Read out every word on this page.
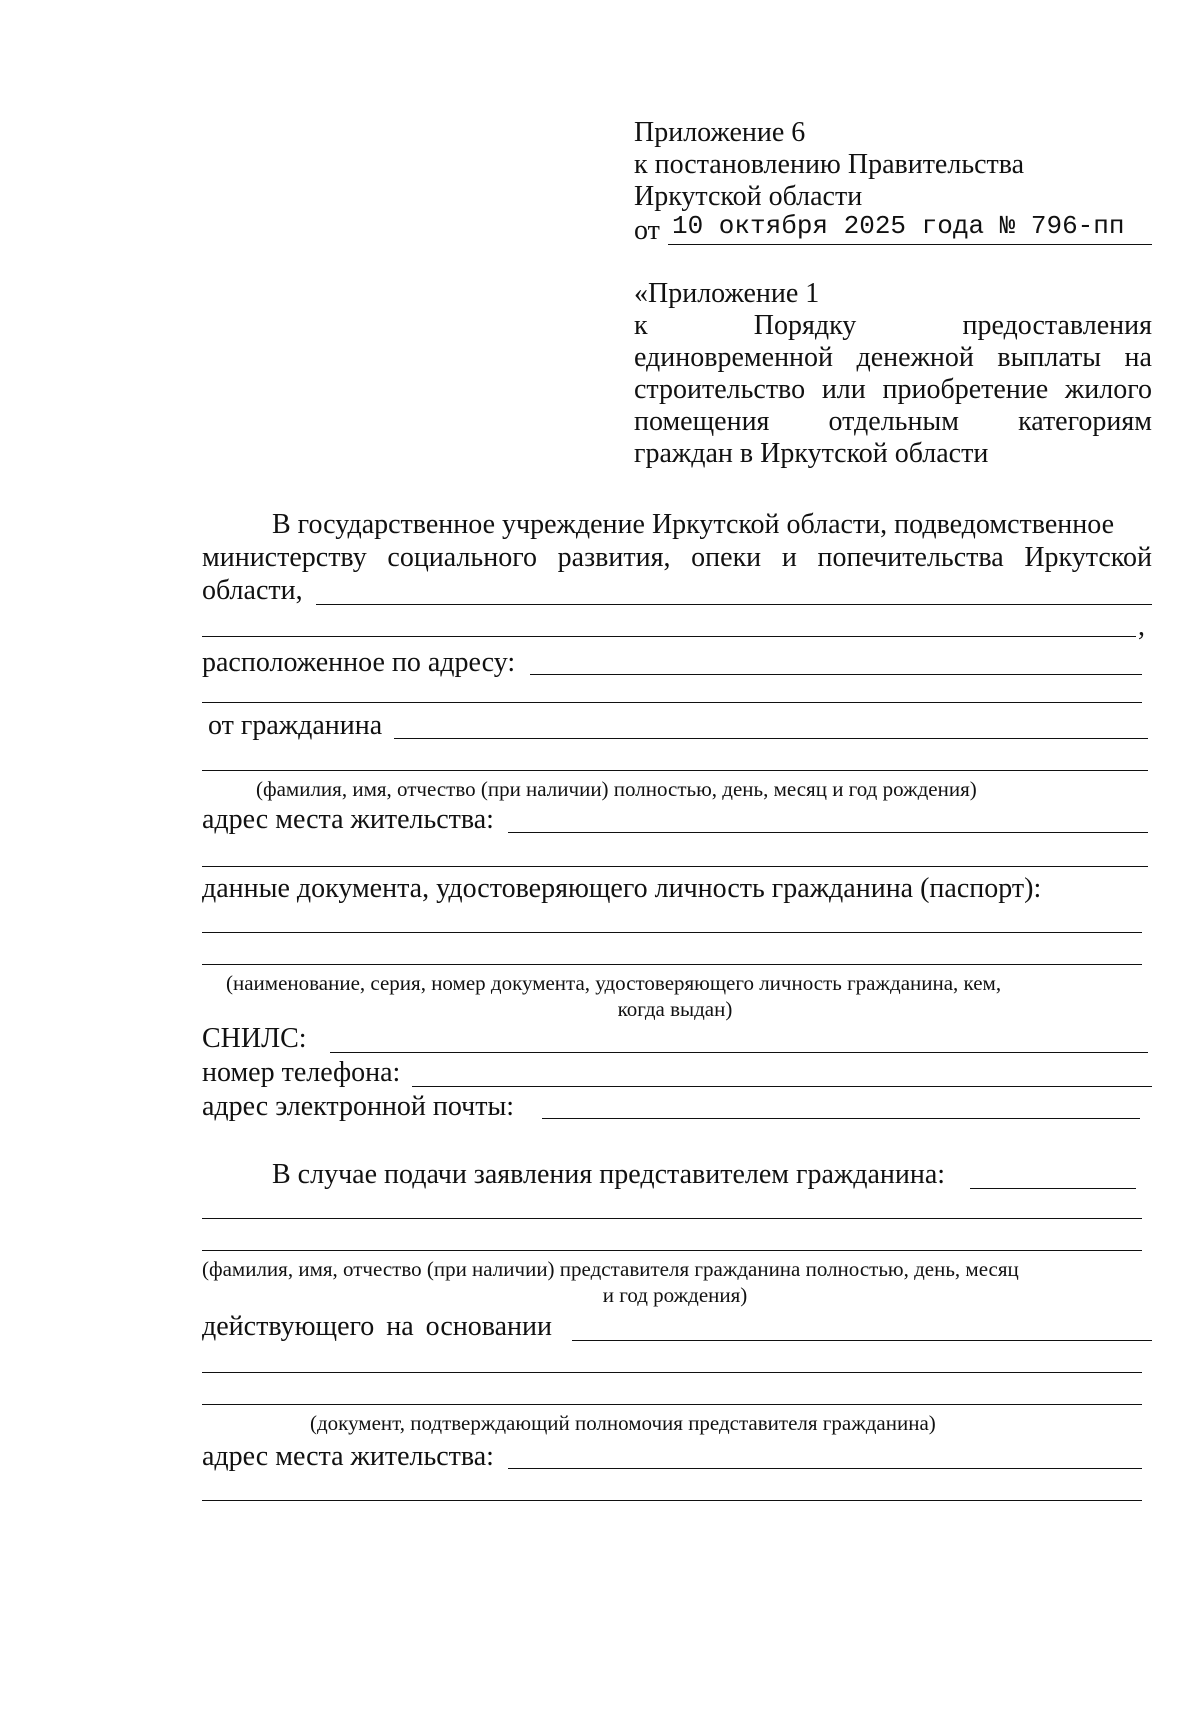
Приложение 6
к постановлению Правительства
Иркутской области
от 10 октября 2025 года № 796-пп
«Приложение 1
к	Порядку	предоставления
единовременной денежной выплаты на
строительство или приобретение жилого
помещения отдельным категориям
граждан в Иркутской области
В государственное учреждение Иркутской области, подведомственное
министерству социального развития, опеки и попечительства Иркутской
области,
,
расположенное по адресу:
от гражданина
(фамилия, имя, отчество (при наличии) полностью, день, месяц и год рождения)
адрес места жительства:
данные документа, удостоверяющего личность гражданина (паспорт):
(наименование, серия, номер документа, удостоверяющего личность гражданина, кем,
когда выдан)
СНИЛС:
номер телефона:
адрес электронной почты:
В случае подачи заявления представителем гражданина:
(фамилия, имя, отчество (при наличии) представителя гражданина полностью, день, месяц
и год рождения)
действующего на основании
(документ, подтверждающий полномочия представителя гражданина)
адрес места жительства:
